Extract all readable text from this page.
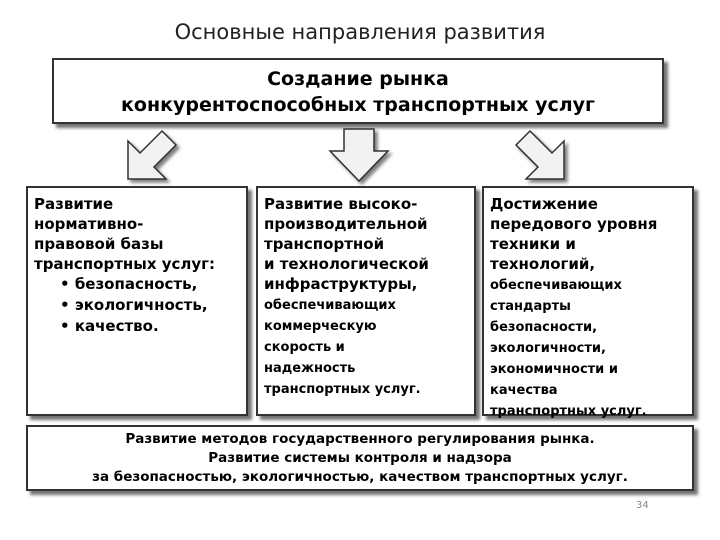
Основные направления развития
Создание рынка
конкурентоспособных транспортных услуг
Развитие
нормативно-
правовой базы
транспортных услуг:
• безопасность,
• экологичность,
• качество.
Развитие высоко-
производительной
транспортной
и технологической
инфраструктуры,
обеспечивающих
коммерческую
скорость и
надежность
транспортных услуг.
Достижение
передового уровня
техники и
технологий,
обеспечивающих
стандарты
безопасности,
экологичности,
экономичности и
качества
транспортных услуг.
Развитие методов государственного регулирования рынка.
Развитие системы контроля и надзора
за безопасностью, экологичностью, качеством транспортных услуг.
34
